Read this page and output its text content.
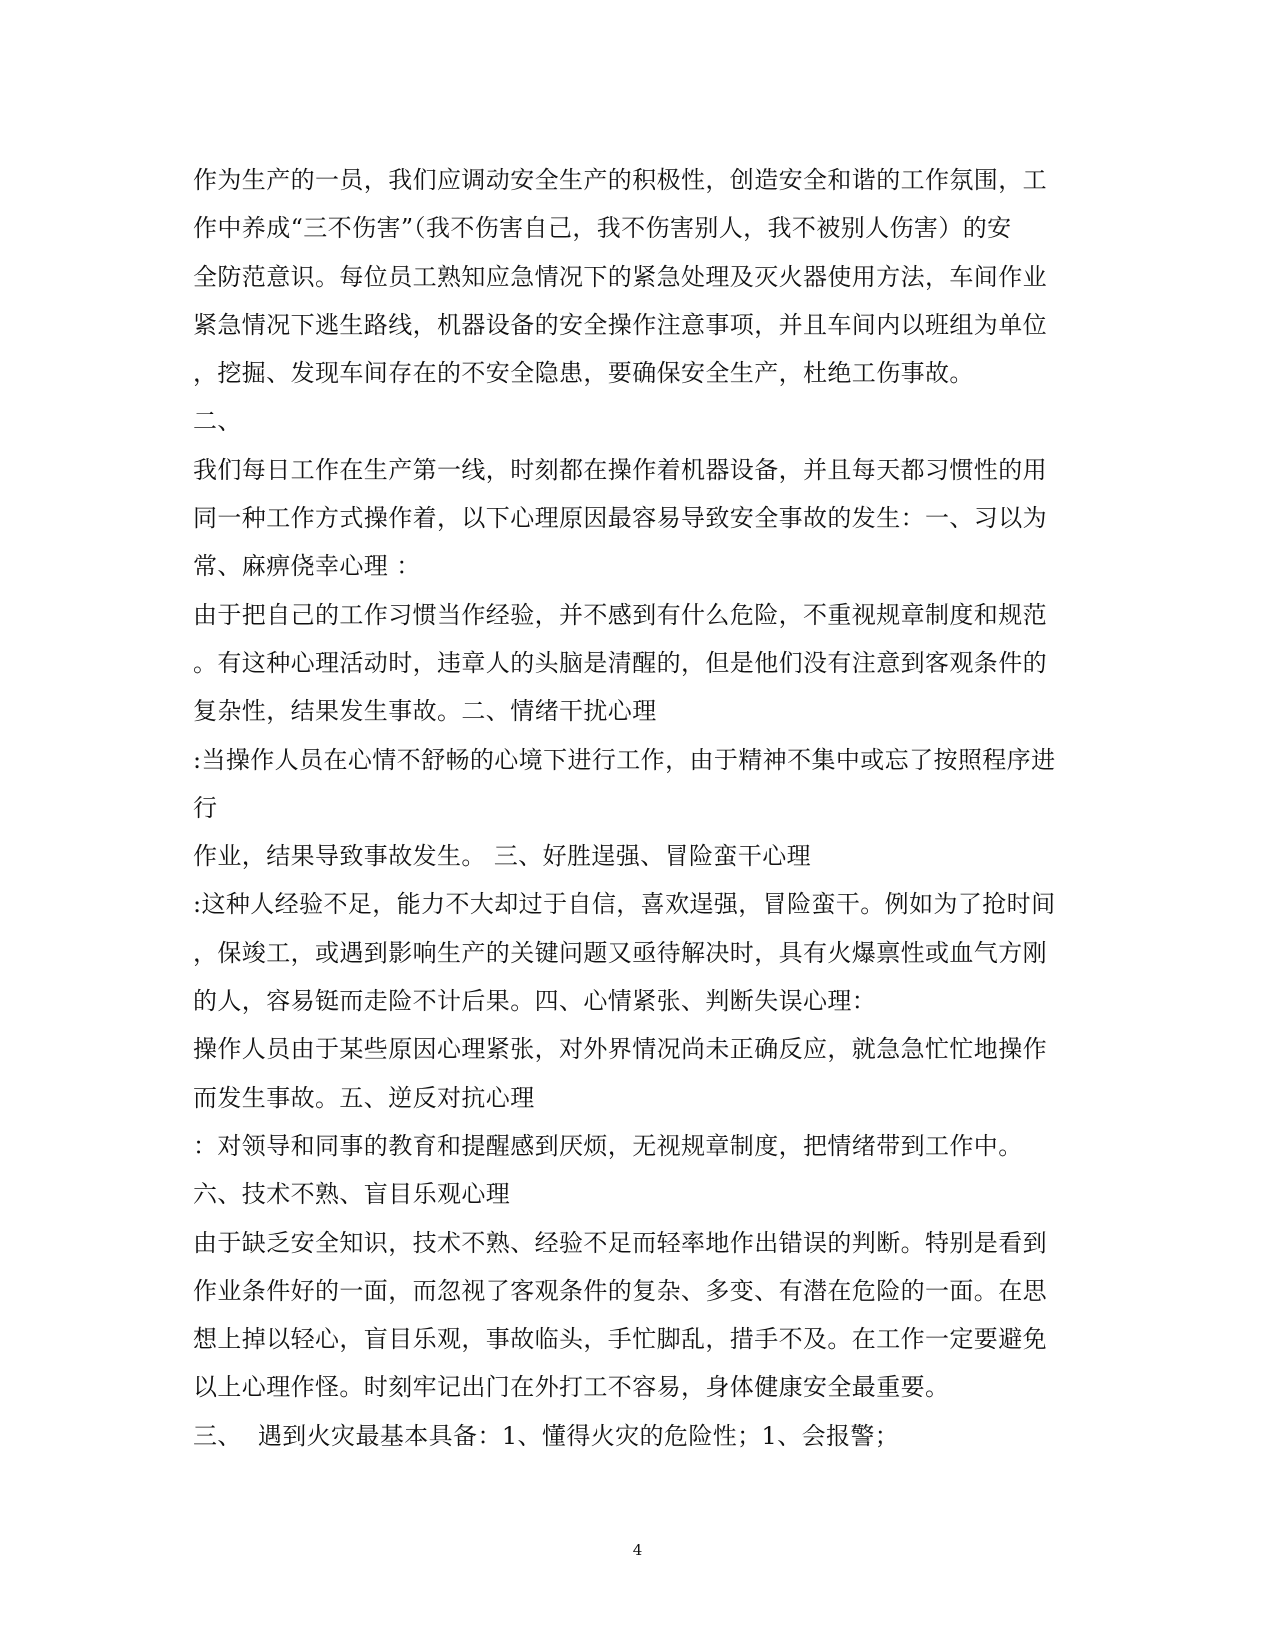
作为生产的一员，我们应调动安全生产的积极性，创造安全和谐的工作氛围，工
作中养成“三不伤害”（我不伤害自己，我不伤害别人，我不被别人伤害）的安
全防范意识。每位员工熟知应急情况下的紧急处理及灭火器使用方法，车间作业
紧急情况下逃生路线，机器设备的安全操作注意事项，并且车间内以班组为单位
，挖掘、发现车间存在的不安全隐患，要确保安全生产，杜绝工伤事故。
二、
我们每日工作在生产第一线，时刻都在操作着机器设备，并且每天都习惯性的用
同一种工作方式操作着，以下心理原因最容易导致安全事故的发生：一、习以为
常、麻痹侥幸心理 ：
由于把自己的工作习惯当作经验，并不感到有什么危险，不重视规章制度和规范
。有这种心理活动时，违章人的头脑是清醒的，但是他们没有注意到客观条件的
复杂性，结果发生事故。二、情绪干扰心理
:当操作人员在心情不舒畅的心境下进行工作，由于精神不集中或忘了按照程序进
行
作业，结果导致事故发生。 三、好胜逞强、冒险蛮干心理
:这种人经验不足，能力不大却过于自信，喜欢逞强，冒险蛮干。例如为了抢时间
，保竣工，或遇到影响生产的关键问题又亟待解决时，具有火爆禀性或血气方刚
的人，容易铤而走险不计后果。四、心情紧张、判断失误心理：
操作人员由于某些原因心理紧张，对外界情况尚未正确反应，就急急忙忙地操作
而发生事故。五、逆反对抗心理
：对领导和同事的教育和提醒感到厌烦，无视规章制度，把情绪带到工作中。
六、技术不熟、盲目乐观心理
由于缺乏安全知识，技术不熟、经验不足而轻率地作出错误的判断。特别是看到
作业条件好的一面，而忽视了客观条件的复杂、多变、有潜在危险的一面。在思
想上掉以轻心，盲目乐观，事故临头，手忙脚乱，措手不及。在工作一定要避免
以上心理作怪。时刻牢记出门在外打工不容易，身体健康安全最重要。
三、  遇到火灾最基本具备：1、懂得火灾的危险性；1、会报警；
4
